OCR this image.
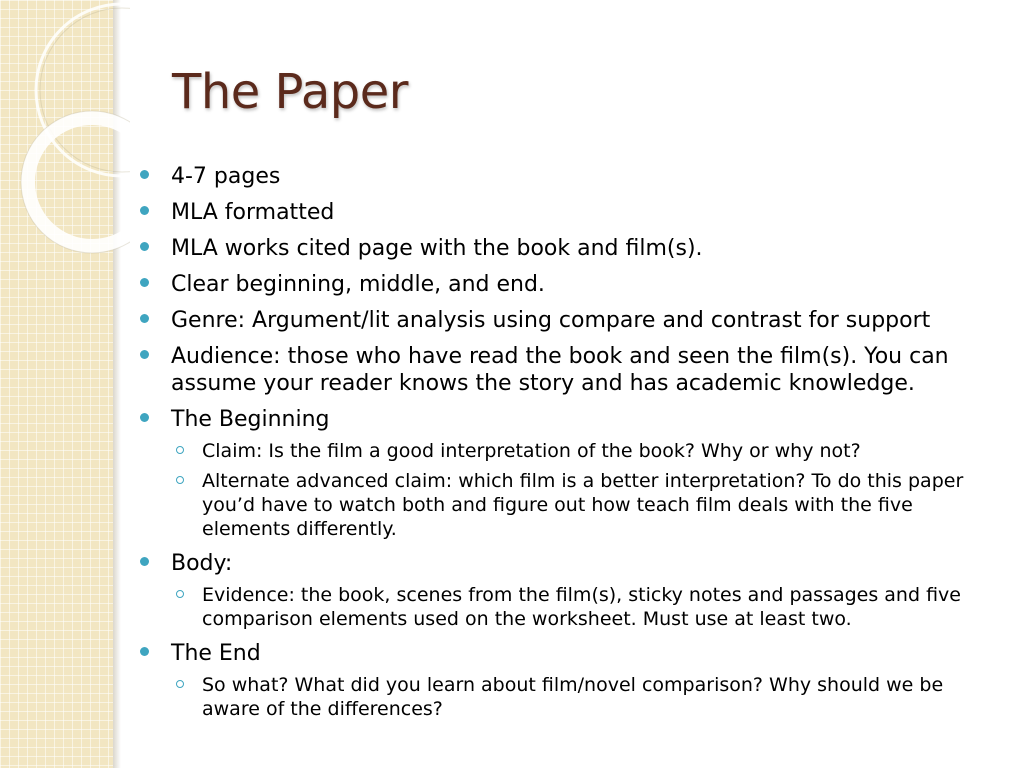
The Paper
4-7 pages
MLA formatted
MLA works cited page with the book and film(s).
Clear beginning, middle, and end.
Genre: Argument/lit analysis using compare and contrast for support
Audience: those who have read the book and seen the film(s). You can assume your reader knows the story and has academic knowledge.
The Beginning
Claim: Is the film a good interpretation of the book? Why or why not?
Alternate advanced claim: which film is a better interpretation? To do this paper you’d have to watch both and figure out how teach film deals with the five elements differently.
Body:
Evidence: the book, scenes from the film(s), sticky notes and passages and five comparison elements used on the worksheet. Must use at least two.
The End
So what? What did you learn about film/novel comparison? Why should we be aware of the differences?
